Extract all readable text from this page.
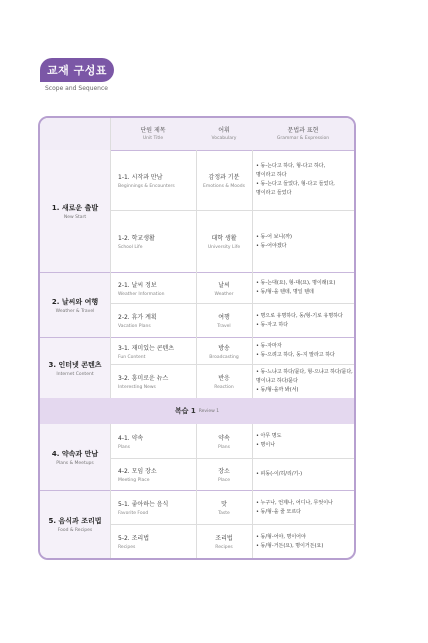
교재 구성표
Scope and Sequence
단원 제목
Unit Title
어휘
Vocabulary
문법과 표현
Grammar & Expression
1. 새로운 출발
New Start
1-1. 시작과 만남
Beginnings & Encounters
감정과 기분
Emotions & Moods
• 동-는다고 하다, 형-다고 하다,
명이라고 하다
• 동-는다고 들었다, 형-다고 들었다,
명이라고 들었다
1-2. 학교생활
School Life
대학 생활
University Life
• 동-어 보니(까)
• 동-어야겠다
2. 날씨와 여행
Weather & Travel
2-1. 날씨 정보
Weather Information
날씨
Weather
• 동-는대(요), 형-대(요), 명이래(요)
• 동/형-을 텐데, 명일 텐데
2-2. 휴가 계획
Vacation Plans
여행
Travel
• 명으로 유명하다, 동/형-기로 유명하다
• 동-자고 하다
3. 인터넷 콘텐츠
Internet Content
3-1. 재미있는 콘텐츠
Fun Content
방송
Broadcasting
• 동-자마자
• 동-으려고 하다, 동-지 말라고 하다
3-2. 흥미로운 뉴스
Interesting News
반응
Reaction
• 동-느냐고 하다/묻다, 형-으냐고 하다/묻다,
명이냐고 하다/묻다
• 동/형-을까 봐(서)
복습 1 Review 1
4. 약속과 만남
Plans & Meetups
4-1. 약속
Plans
약속
Plans
• 아무 명도
• 명이나
4-2. 모임 장소
Meeting Place
장소
Place
• 피동(-이/히/리/기-)
5. 음식과 조리법
Food & Recipes
5-1. 좋아하는 음식
Favorite Food
맛
Taste
• 누구나, 언제나, 어디나, 무엇이나
• 동/형-을 줄 모르다
5-2. 조리법
Recipes
조리법
Recipes
• 동/형-어야, 명이어야
• 동/형-거든(요), 명이거든(요)
